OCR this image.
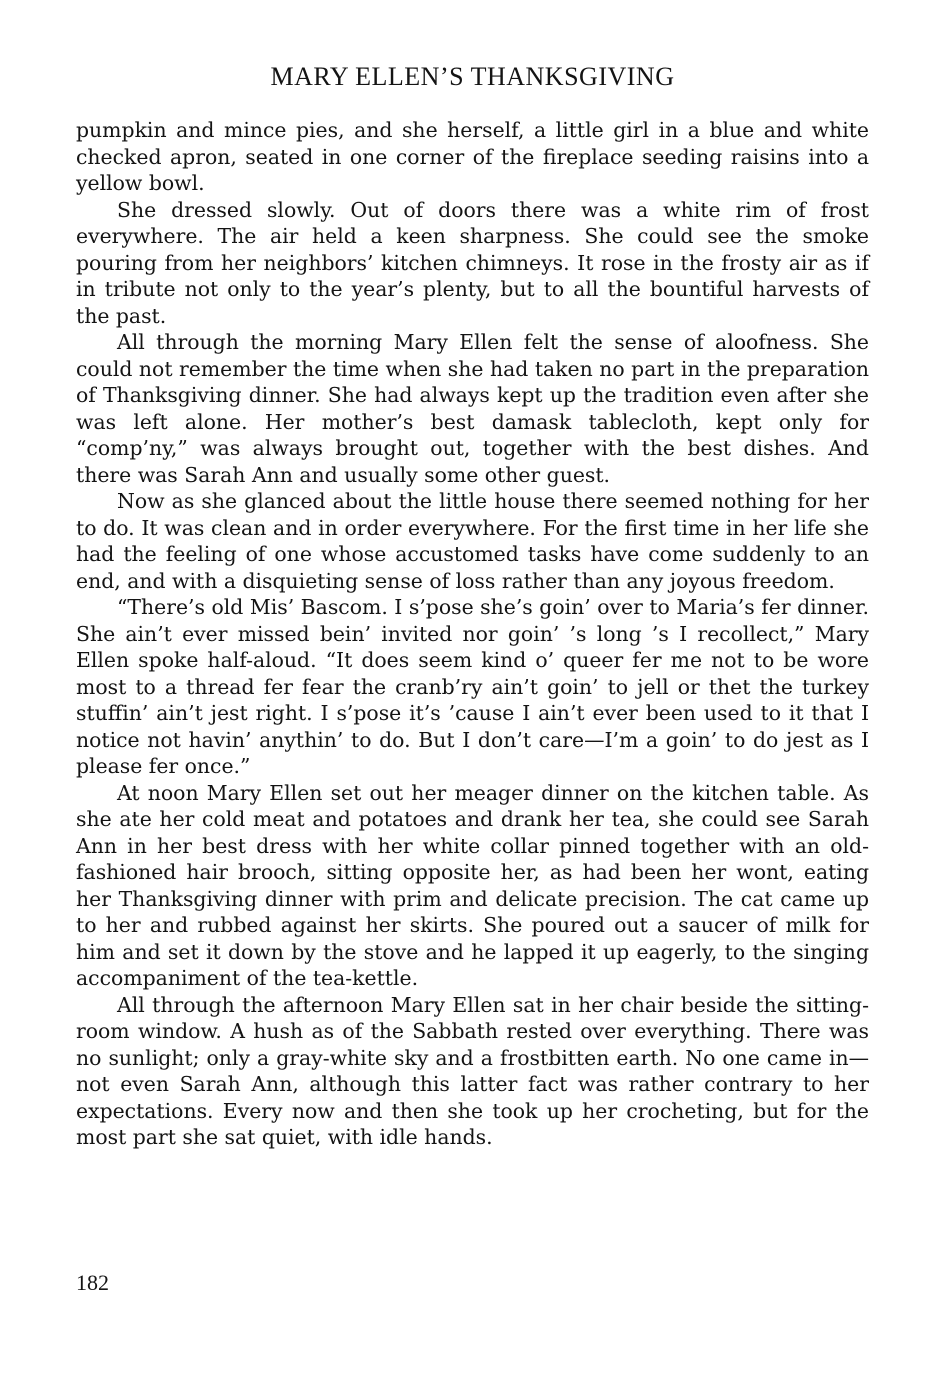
MARY ELLEN’S THANKSGIVING

pumpkin and mince pies, and she herself, a little girl in a blue and white checked apron, seated in one corner of the fireplace seeding raisins into a yellow bowl.

She dressed slowly. Out of doors there was a white rim of frost everywhere. The air held a keen sharpness. She could see the smoke pouring from her neighbors’ kitchen chimneys. It rose in the frosty air as if in tribute not only to the year’s plenty, but to all the bountiful harvests of the past.

All through the morning Mary Ellen felt the sense of aloofness. She could not remember the time when she had taken no part in the preparation of Thanksgiving dinner. She had always kept up the tradition even after she was left alone. Her mother’s best damask tablecloth, kept only for “comp’ny,” was always brought out, together with the best dishes. And there was Sarah Ann and usually some other guest.

Now as she glanced about the little house there seemed nothing for her to do. It was clean and in order everywhere. For the first time in her life she had the feeling of one whose accustomed tasks have come suddenly to an end, and with a disquieting sense of loss rather than any joyous freedom.

“There’s old Mis’ Bascom. I s’pose she’s goin’ over to Maria’s fer dinner. She ain’t ever missed bein’ invited nor goin’ ’s long ’s I recollect,” Mary Ellen spoke half-aloud. “It does seem kind o’ queer fer me not to be wore most to a thread fer fear the cranb’ry ain’t goin’ to jell or thet the turkey stuffin’ ain’t jest right. I s’pose it’s ’cause I ain’t ever been used to it that I notice not havin’ anythin’ to do. But I don’t care—I’m a goin’ to do jest as I please fer once.”

At noon Mary Ellen set out her meager dinner on the kitchen table. As she ate her cold meat and potatoes and drank her tea, she could see Sarah Ann in her best dress with her white collar pinned together with an old-fashioned hair brooch, sitting opposite her, as had been her wont, eating her Thanksgiving dinner with prim and delicate precision. The cat came up to her and rubbed against her skirts. She poured out a saucer of milk for him and set it down by the stove and he lapped it up eagerly, to the singing accompaniment of the tea-kettle.

All through the afternoon Mary Ellen sat in her chair beside the sitting-room window. A hush as of the Sabbath rested over everything. There was no sunlight; only a gray-white sky and a frostbitten earth. No one came in—not even Sarah Ann, although this latter fact was rather contrary to her expectations. Every now and then she took up her crocheting, but for the most part she sat quiet, with idle hands.

182
